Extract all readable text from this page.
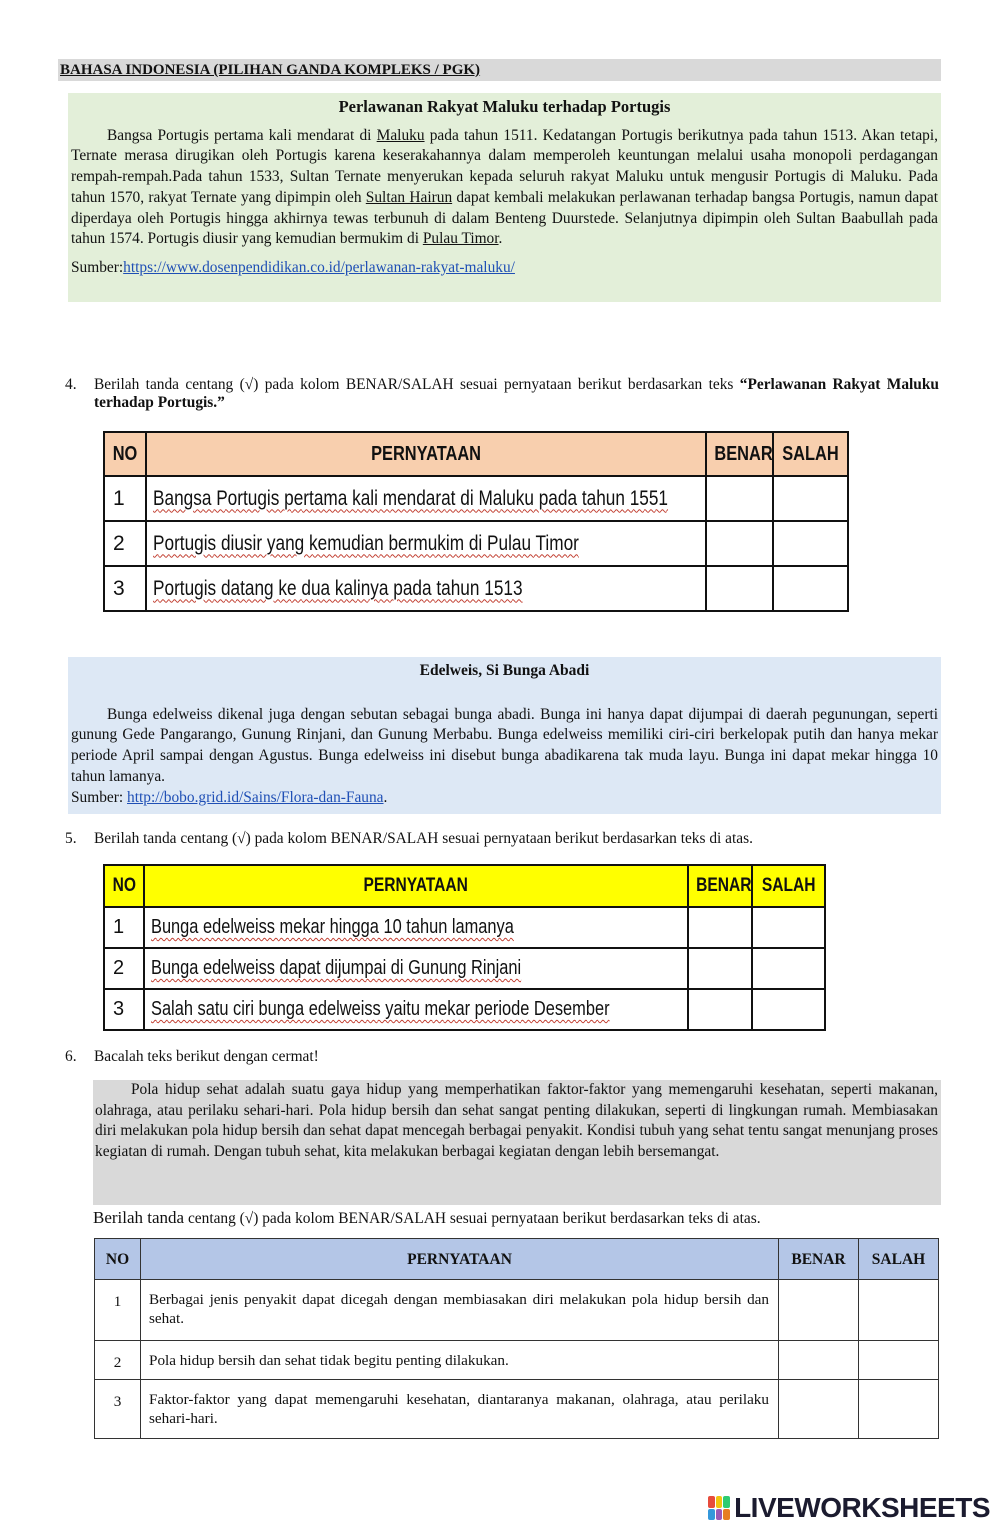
BAHASA INDONESIA (PILIHAN GANDA KOMPLEKS / PGK)

Perlawanan Rakyat Maluku terhadap Portugis

Bangsa Portugis pertama kali mendarat di Maluku pada tahun 1511. Kedatangan Portugis berikutnya pada tahun 1513. Akan tetapi, Ternate merasa dirugikan oleh Portugis karena keserakahannya dalam memperoleh keuntungan melalui usaha monopoli perdagangan rempah-rempah.Pada tahun 1533, Sultan Ternate menyerukan kepada seluruh rakyat Maluku untuk mengusir Portugis di Maluku. Pada tahun 1570, rakyat Ternate yang dipimpin oleh Sultan Hairun dapat kembali melakukan perlawanan terhadap bangsa Portugis, namun dapat diperdaya oleh Portugis hingga akhirnya tewas terbunuh di dalam Benteng Duurstede. Selanjutnya dipimpin oleh Sultan Baabullah pada tahun 1574. Portugis diusir yang kemudian bermukim di Pulau Timor.

Sumber:https://www.dosenpendidikan.co.id/perlawanan-rakyat-maluku/

4. Berilah tanda centang (√) pada kolom BENAR/SALAH sesuai pernyataan berikut berdasarkan teks “Perlawanan Rakyat Maluku terhadap Portugis.”
NO	PERNYATAAN	BENAR	SALAH
1	Bangsa Portugis pertama kali mendarat di Maluku pada tahun 1551		
2	Portugis diusir yang kemudian bermukim di Pulau Timor		
3	Portugis datang ke dua kalinya pada tahun 1513		

Edelweis, Si Bunga Abadi

Bunga edelweiss dikenal juga dengan sebutan sebagai bunga abadi. Bunga ini hanya dapat dijumpai di daerah pegunungan, seperti gunung Gede Pangarango, Gunung Rinjani, dan Gunung Merbabu. Bunga edelweiss memiliki ciri-ciri berkelopak putih dan hanya mekar periode April sampai dengan Agustus. Bunga edelweiss ini disebut bunga abadikarena tak muda layu. Bunga ini dapat mekar hingga 10 tahun lamanya.

Sumber: http://bobo.grid.id/Sains/Flora-dan-Fauna.

5. Berilah tanda centang (√) pada kolom BENAR/SALAH sesuai pernyataan berikut berdasarkan teks di atas.
NO	PERNYATAAN	BENAR	SALAH
1	Bunga edelweiss mekar hingga 10 tahun lamanya		
2	Bunga edelweiss dapat dijumpai di Gunung Rinjani		
3	Salah satu ciri bunga edelweiss yaitu mekar periode Desember		
6. Bacalah teks berikut dengan cermat!

Pola hidup sehat adalah suatu gaya hidup yang memperhatikan faktor-faktor yang memengaruhi kesehatan, seperti makanan, olahraga, atau perilaku sehari-hari. Pola hidup bersih dan sehat sangat penting dilakukan, seperti di lingkungan rumah. Membiasakan diri melakukan pola hidup bersih dan sehat dapat mencegah berbagai penyakit. Kondisi tubuh yang sehat tentu sangat menunjang proses kegiatan di rumah. Dengan tubuh sehat, kita melakukan berbagai kegiatan dengan lebih bersemangat.

Berilah tanda centang (√) pada kolom BENAR/SALAH sesuai pernyataan berikut berdasarkan teks di atas.
NO	PERNYATAAN	BENAR	SALAH
1	Berbagai jenis penyakit dapat dicegah dengan membiasakan diri melakukan pola hidup bersih dan sehat.		
2	Pola hidup bersih dan sehat tidak begitu penting dilakukan.		
3	Faktor-faktor yang dapat memengaruhi kesehatan, diantaranya makanan, olahraga, atau perilaku sehari-hari.		
LIVEWORKSHEETS
